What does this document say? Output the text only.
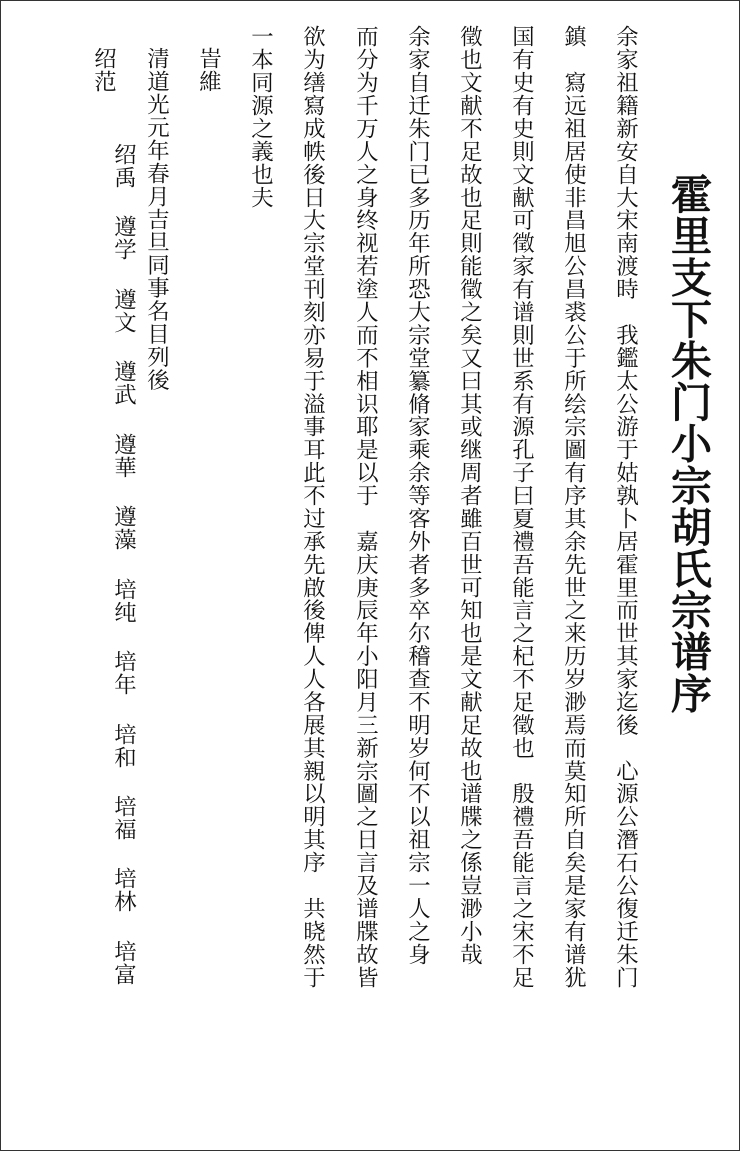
霍里支下朱门小宗胡氏宗谱序
余家祖籍新安自大宋南渡時　我鑑太公游于姑孰卜居霍里而世其家迄後　心源公潛石公復迁朱门
鎮　寫远祖居使非昌旭公昌裘公于所绘宗圖有序其余先世之来历岁渺焉而莫知所自矣是家有谱犹
国有史有史則文献可徵家有谱則世系有源孔子曰夏禮吾能言之杞不足徵也　殷禮吾能言之宋不足
徵也文献不足故也足則能徵之矣又曰其或继周者雖百世可知也是文献足故也谱牒之係豈渺小哉
余家自迁朱门已多历年所恐大宗堂纂脩家乘余等客外者多卒尔稽查不明岁何不以祖宗一人之身
而分为千万人之身终视若塗人而不相识耶是以于　嘉庆庚辰年小阳月三新宗圖之日言及谱牒故皆
欲为缮寫成帙後日大宗堂刊刻亦易于溢事耳此不过承先啟後俾人人各展其親以明其序　共晓然于
一本同源之義也夫
峕維
清道光元年春月吉旦同事名目列後
绍范
绍禹 遵学 遵文 遵武 遵華 遵藻 培纯 培年 培和 培福 培林 培富
